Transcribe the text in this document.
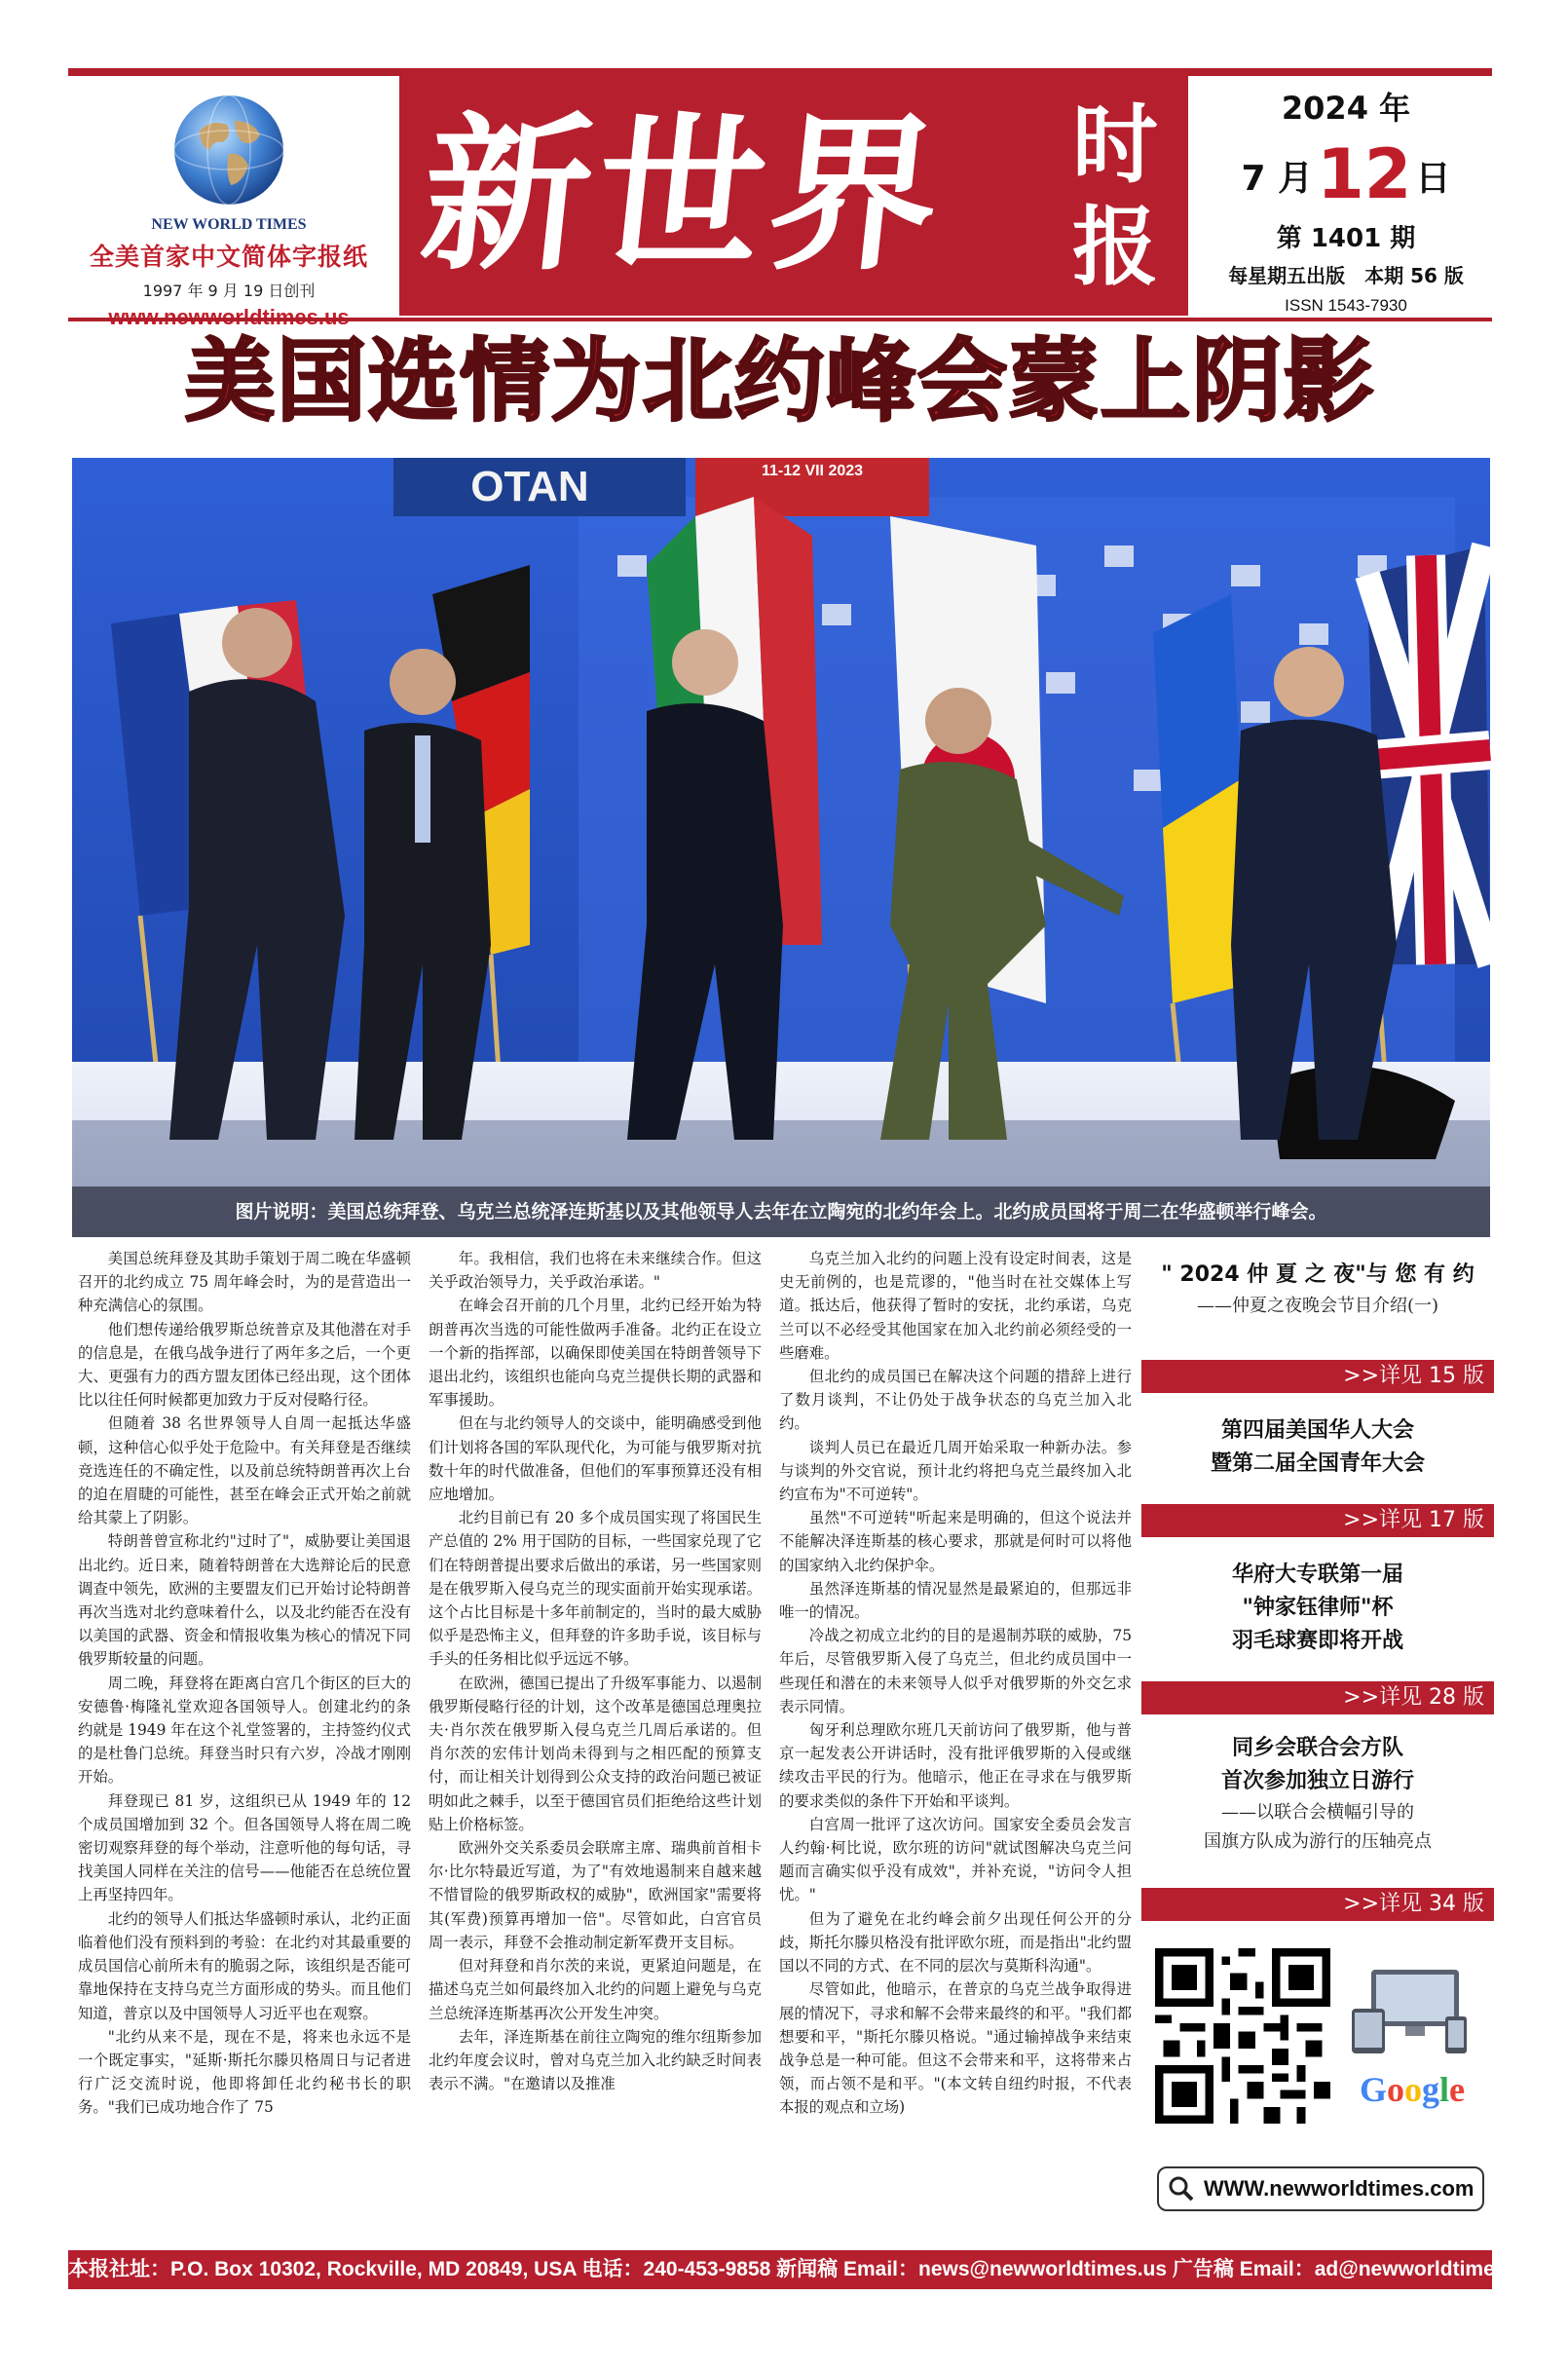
NEW WORLD TIMES
全美首家中文简体字报纸
1997 年 9 月 19 日创刊 新世界	时报
2024 年
7 月12 日
第 1401 期
每星期五出版　本期 56 版
ISSN 1543-7930
美国选情为北约峰会蒙上阴影
OTAN	11-12 VII 2023
图片说明：美国总统拜登、乌克兰总统泽连斯基以及其他领导人去年在立陶宛的北约年会上。北约成员国将于周二在华盛顿举行峰会。

美国总统拜登及其助手策划于周二晚在华盛顿召开的北约成立 75 周年峰会时，为的是营造出一种充满信心的氛围。

他们想传递给俄罗斯总统普京及其他潜在对手的信息是，在俄乌战争进行了两年多之后，一个更大、更强有力的西方盟友团体已经出现，这个团体比以往任何时候都更加致力于反对侵略行径。

但随着 38 名世界领导人自周一起抵达华盛顿，这种信心似乎处于危险中。有关拜登是否继续竞选连任的不确定性，以及前总统特朗普再次上台的迫在眉睫的可能性，甚至在峰会正式开始之前就给其蒙上了阴影。

特朗普曾宣称北约"过时了"，威胁要让美国退出北约。近日来，随着特朗普在大选辩论后的民意调查中领先，欧洲的主要盟友们已开始讨论特朗普再次当选对北约意味着什么，以及北约能否在没有以美国的武器、资金和情报收集为核心的情况下同俄罗斯较量的问题。

周二晚，拜登将在距离白宫几个街区的巨大的安德鲁·梅隆礼堂欢迎各国领导人。创建北约的条约就是 1949 年在这个礼堂签署的，主持签约仪式的是杜鲁门总统。拜登当时只有六岁，冷战才刚刚开始。

拜登现已 81 岁，这组织已从 1949 年的 12 个成员国增加到 32 个。但各国领导人将在周二晚密切观察拜登的每个举动，注意听他的每句话，寻找美国人同样在关注的信号——他能否在总统位置上再坚持四年。

北约的领导人们抵达华盛顿时承认，北约正面临着他们没有预料到的考验：在北约对其最重要的成员国信心前所未有的脆弱之际，该组织是否能可靠地保持在支持乌克兰方面形成的势头。而且他们知道，普京以及中国领导人习近平也在观察。

"北约从来不是，现在不是，将来也永远不是一个既定事实，"延斯·斯托尔滕贝格周日与记者进行广泛交流时说，他即将卸任北约秘书长的职务。"我们已成功地合作了 75

年。我相信，我们也将在未来继续合作。但这关乎政治领导力，关乎政治承诺。"

在峰会召开前的几个月里，北约已经开始为特朗普再次当选的可能性做两手准备。北约正在设立一个新的指挥部，以确保即使美国在特朗普领导下退出北约，该组织也能向乌克兰提供长期的武器和军事援助。

但在与北约领导人的交谈中，能明确感受到他们计划将各国的军队现代化，为可能与俄罗斯对抗数十年的时代做准备，但他们的军事预算还没有相应地增加。

北约目前已有 20 多个成员国实现了将国民生产总值的 2% 用于国防的目标，一些国家兑现了它们在特朗普提出要求后做出的承诺，另一些国家则是在俄罗斯入侵乌克兰的现实面前开始实现承诺。这个占比目标是十多年前制定的，当时的最大威胁似乎是恐怖主义，但拜登的许多助手说，该目标与手头的任务相比似乎远远不够。

在欧洲，德国已提出了升级军事能力、以遏制俄罗斯侵略行径的计划，这个改革是德国总理奥拉夫·肖尔茨在俄罗斯入侵乌克兰几周后承诺的。但肖尔茨的宏伟计划尚未得到与之相匹配的预算支付，而让相关计划得到公众支持的政治问题已被证明如此之棘手，以至于德国官员们拒绝给这些计划贴上价格标签。

欧洲外交关系委员会联席主席、瑞典前首相卡尔·比尔特最近写道，为了"有效地遏制来自越来越不惜冒险的俄罗斯政权的威胁"，欧洲国家"需要将其(军费)预算再增加一倍"。尽管如此，白宫官员周一表示，拜登不会推动制定新军费开支目标。

但对拜登和肖尔茨的来说，更紧迫问题是，在描述乌克兰如何最终加入北约的问题上避免与乌克兰总统泽连斯基再次公开发生冲突。

去年，泽连斯基在前往立陶宛的维尔纽斯参加北约年度会议时，曾对乌克兰加入北约缺乏时间表表示不满。"在邀请以及推准

乌克兰加入北约的问题上没有设定时间表，这是史无前例的，也是荒谬的，"他当时在社交媒体上写道。抵达后，他获得了暂时的安抚，北约承诺，乌克兰可以不必经受其他国家在加入北约前必须经受的一些磨难。

但北约的成员国已在解决这个问题的措辞上进行了数月谈判，不让仍处于战争状态的乌克兰加入北约。

谈判人员已在最近几周开始采取一种新办法。参与谈判的外交官说，预计北约将把乌克兰最终加入北约宣布为"不可逆转"。

虽然"不可逆转"听起来是明确的，但这个说法并不能解决泽连斯基的核心要求，那就是何时可以将他的国家纳入北约保护伞。

虽然泽连斯基的情况显然是最紧迫的，但那远非唯一的情况。

冷战之初成立北约的目的是遏制苏联的威胁，75 年后，尽管俄罗斯入侵了乌克兰，但北约成员国中一些现任和潜在的未来领导人似乎对俄罗斯的外交乞求表示同情。

匈牙利总理欧尔班几天前访问了俄罗斯，他与普京一起发表公开讲话时，没有批评俄罗斯的入侵或继续攻击平民的行为。他暗示，他正在寻求在与俄罗斯的要求类似的条件下开始和平谈判。

白宫周一批评了这次访问。国家安全委员会发言人约翰·柯比说，欧尔班的访问"就试图解决乌克兰问题而言确实似乎没有成效"，并补充说，"访问令人担忧。"

但为了避免在北约峰会前夕出现任何公开的分歧，斯托尔滕贝格没有批评欧尔班，而是指出"北约盟国以不同的方式、在不同的层次与莫斯科沟通"。

尽管如此，他暗示，在普京的乌克兰战争取得进展的情况下，寻求和解不会带来最终的和平。"我们都想要和平，"斯托尔滕贝格说。"通过输掉战争来结束战争总是一种可能。但这不会带来和平，这将带来占领，而占领不是和平。"(本文转自纽约时报，不代表本报的观点和立场)

" 2024 仲 夏 之 夜"与 您 有 约
——仲夏之夜晚会节目介绍(一)
>>详见 15 版
第四届美国华人大会
暨第二届全国青年大会
>>详见 17 版
华府大专联第一届
"钟家钰律师"杯
羽毛球赛即将开战
>>详见 28 版
同乡会联合会方队
首次参加独立日游行
——以联合会横幅引导的
国旗方队成为游行的压轴亮点
>>详见 34 版
Google
WWW.newworldtimes.com
本报社址：P.O. Box 10302, Rockville, MD 20849, USA 电话：240-453-9858 新闻稿 Email：news@newworldtimes.us 广告稿 Email：ad@newworldtimes.us
